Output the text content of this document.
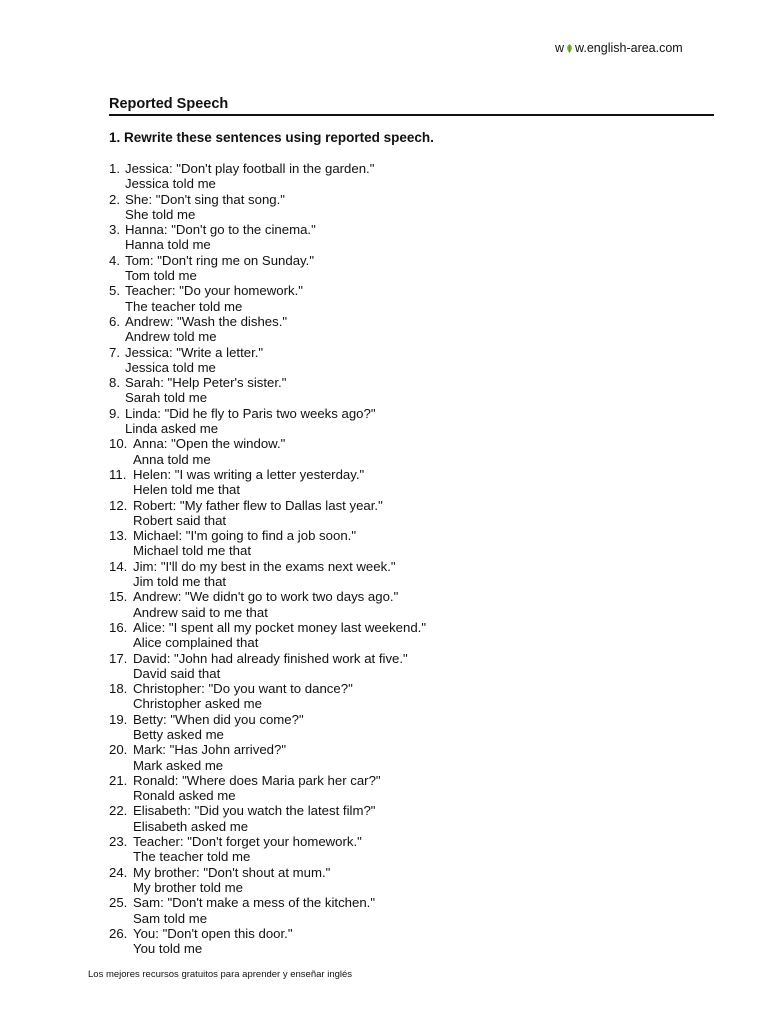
w w.english-area.com
Reported Speech
1. Rewrite these sentences using reported speech.
1. Jessica: "Don't play football in the garden."
Jessica told me
2. She: "Don't sing that song."
She told me
3. Hanna: "Don't go to the cinema."
Hanna told me
4. Tom: "Don't ring me on Sunday."
Tom told me
5. Teacher: "Do your homework."
The teacher told me
6. Andrew: "Wash the dishes."
Andrew told me
7. Jessica: "Write a letter."
Jessica told me
8. Sarah: "Help Peter's sister."
Sarah told me
9. Linda: "Did he fly to Paris two weeks ago?"
Linda asked me
10. Anna: "Open the window."
Anna told me
11. Helen: "I was writing a letter yesterday."
Helen told me that
12. Robert: "My father flew to Dallas last year."
Robert said that
13. Michael: "I'm going to find a job soon."
Michael told me that
14. Jim: "I'll do my best in the exams next week."
Jim told me that
15. Andrew: "We didn't go to work two days ago."
Andrew said to me that
16. Alice: "I spent all my pocket money last weekend."
Alice complained that
17. David: "John had already finished work at five."
David said that
18. Christopher: "Do you want to dance?"
Christopher asked me
19. Betty: "When did you come?"
Betty asked me
20. Mark: "Has John arrived?"
Mark asked me
21. Ronald: "Where does Maria park her car?"
Ronald asked me
22. Elisabeth: "Did you watch the latest film?"
Elisabeth asked me
23. Teacher: "Don't forget your homework."
The teacher told me
24. My brother: "Don't shout at mum."
My brother told me
25. Sam: "Don't make a mess of the kitchen."
Sam told me
26. You: "Don't open this door."
You told me
Los mejores recursos gratuitos para aprender y enseñar inglés
